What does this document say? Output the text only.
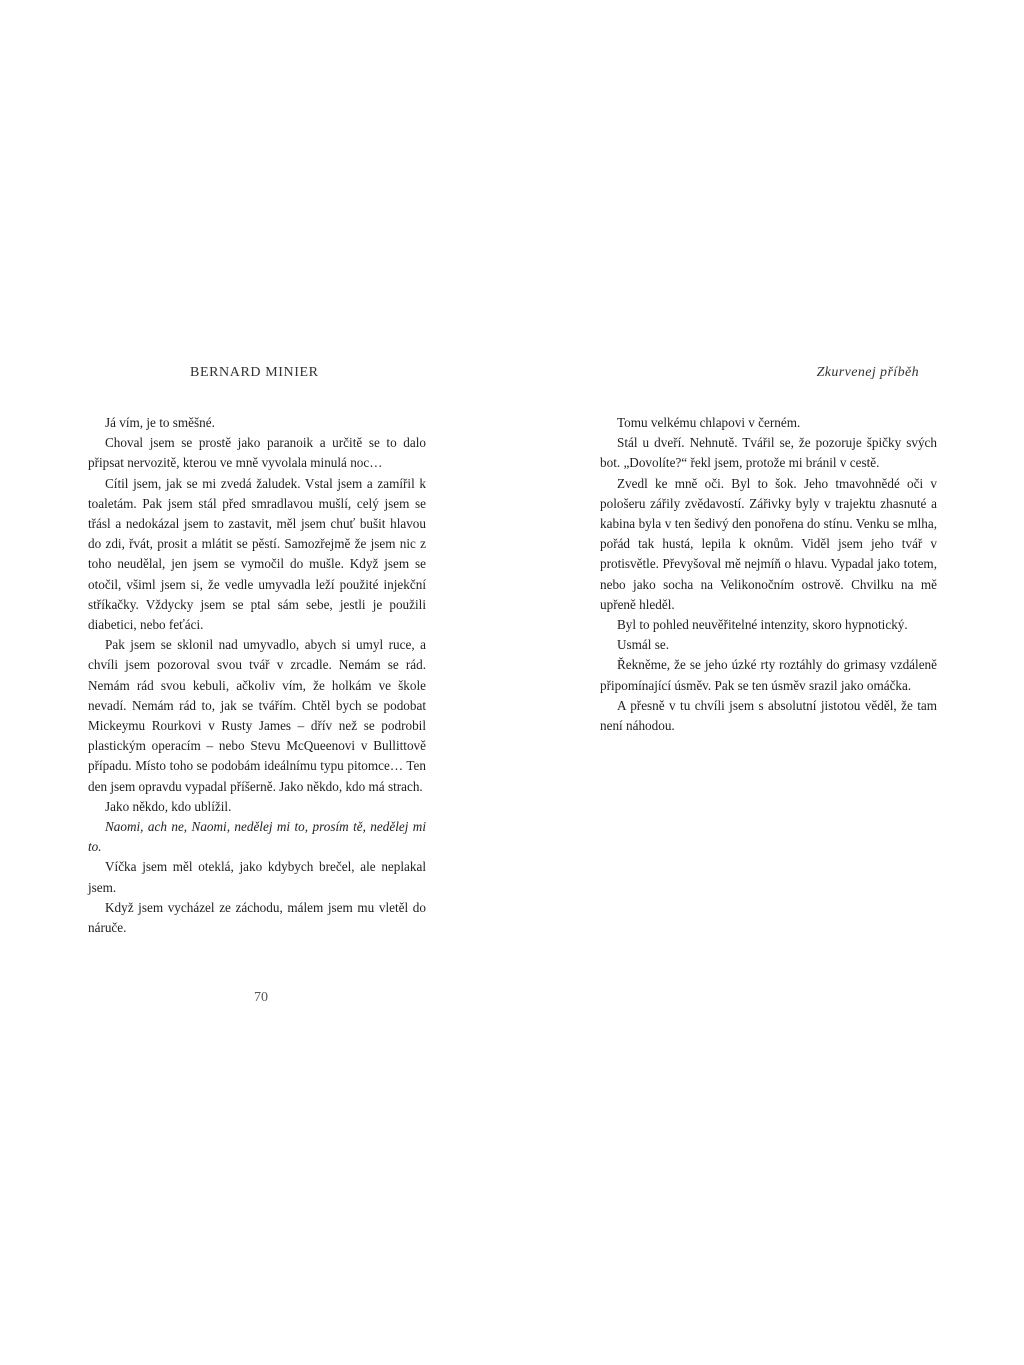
BERNARD MINIER

Já vím, je to směšné.

Choval jsem se prostě jako paranoik a určitě se to dalo připsat nervozitě, kterou ve mně vyvolala minulá noc…

Cítil jsem, jak se mi zvedá žaludek. Vstal jsem a zamířil k toaletám. Pak jsem stál před smradlavou mušlí, celý jsem se třásl a nedokázal jsem to zastavit, měl jsem chuť bušit hlavou do zdi, řvát, prosit a mlátit se pěstí. Samozřejmě že jsem nic z toho neudělal, jen jsem se vymočil do mušle. Když jsem se otočil, všiml jsem si, že vedle umyvadla leží použité injekční stříkačky. Vždycky jsem se ptal sám sebe, jestli je použili diabetici, nebo feťáci.

Pak jsem se sklonil nad umyvadlo, abych si umyl ruce, a chvíli jsem pozoroval svou tvář v zrcadle. Nemám se rád. Nemám rád svou kebuli, ačkoliv vím, že holkám ve škole nevadí. Nemám rád to, jak se tvářím. Chtěl bych se podobat Mickeymu Rourkovi v Rusty James – dřív než se podrobil plastickým operacím – nebo Stevu McQueenovi v Bullittově případu. Místo toho se podobám ideálnímu typu pitomce… Ten den jsem opravdu vypadal příšerně. Jako někdo, kdo má strach.

Jako někdo, kdo ublížil.

Naomi, ach ne, Naomi, nedělej mi to, prosím tě, nedělej mi to.

Víčka jsem měl oteklá, jako kdybych brečel, ale neplakal jsem.

Když jsem vycházel ze záchodu, málem jsem mu vletěl do náruče.

70
Zkurvenej příběh

Tomu velkému chlapovi v černém.

Stál u dveří. Nehnutě. Tvářil se, že pozoruje špičky svých bot. „Dovolíte?“ řekl jsem, protože mi bránil v cestě.

Zvedl ke mně oči. Byl to šok. Jeho tmavohnědé oči v pološeru zářily zvědavostí. Zářivky byly v trajektu zhasnuté a kabina byla v ten šedivý den ponořena do stínu. Venku se mlha, pořád tak hustá, lepila k oknům. Viděl jsem jeho tvář v protisvětle. Převyšoval mě nejmíň o hlavu. Vypadal jako totem, nebo jako socha na Velikonočním ostrově. Chvilku na mě upřeně hleděl.

Byl to pohled neuvěřitelné intenzity, skoro hypnotický.

Usmál se.

Řekněme, že se jeho úzké rty roztáhly do grimasy vzdáleně připomínající úsměv. Pak se ten úsměv srazil jako omáčka.

A přesně v tu chvíli jsem s absolutní jistotou věděl, že tam není náhodou.
